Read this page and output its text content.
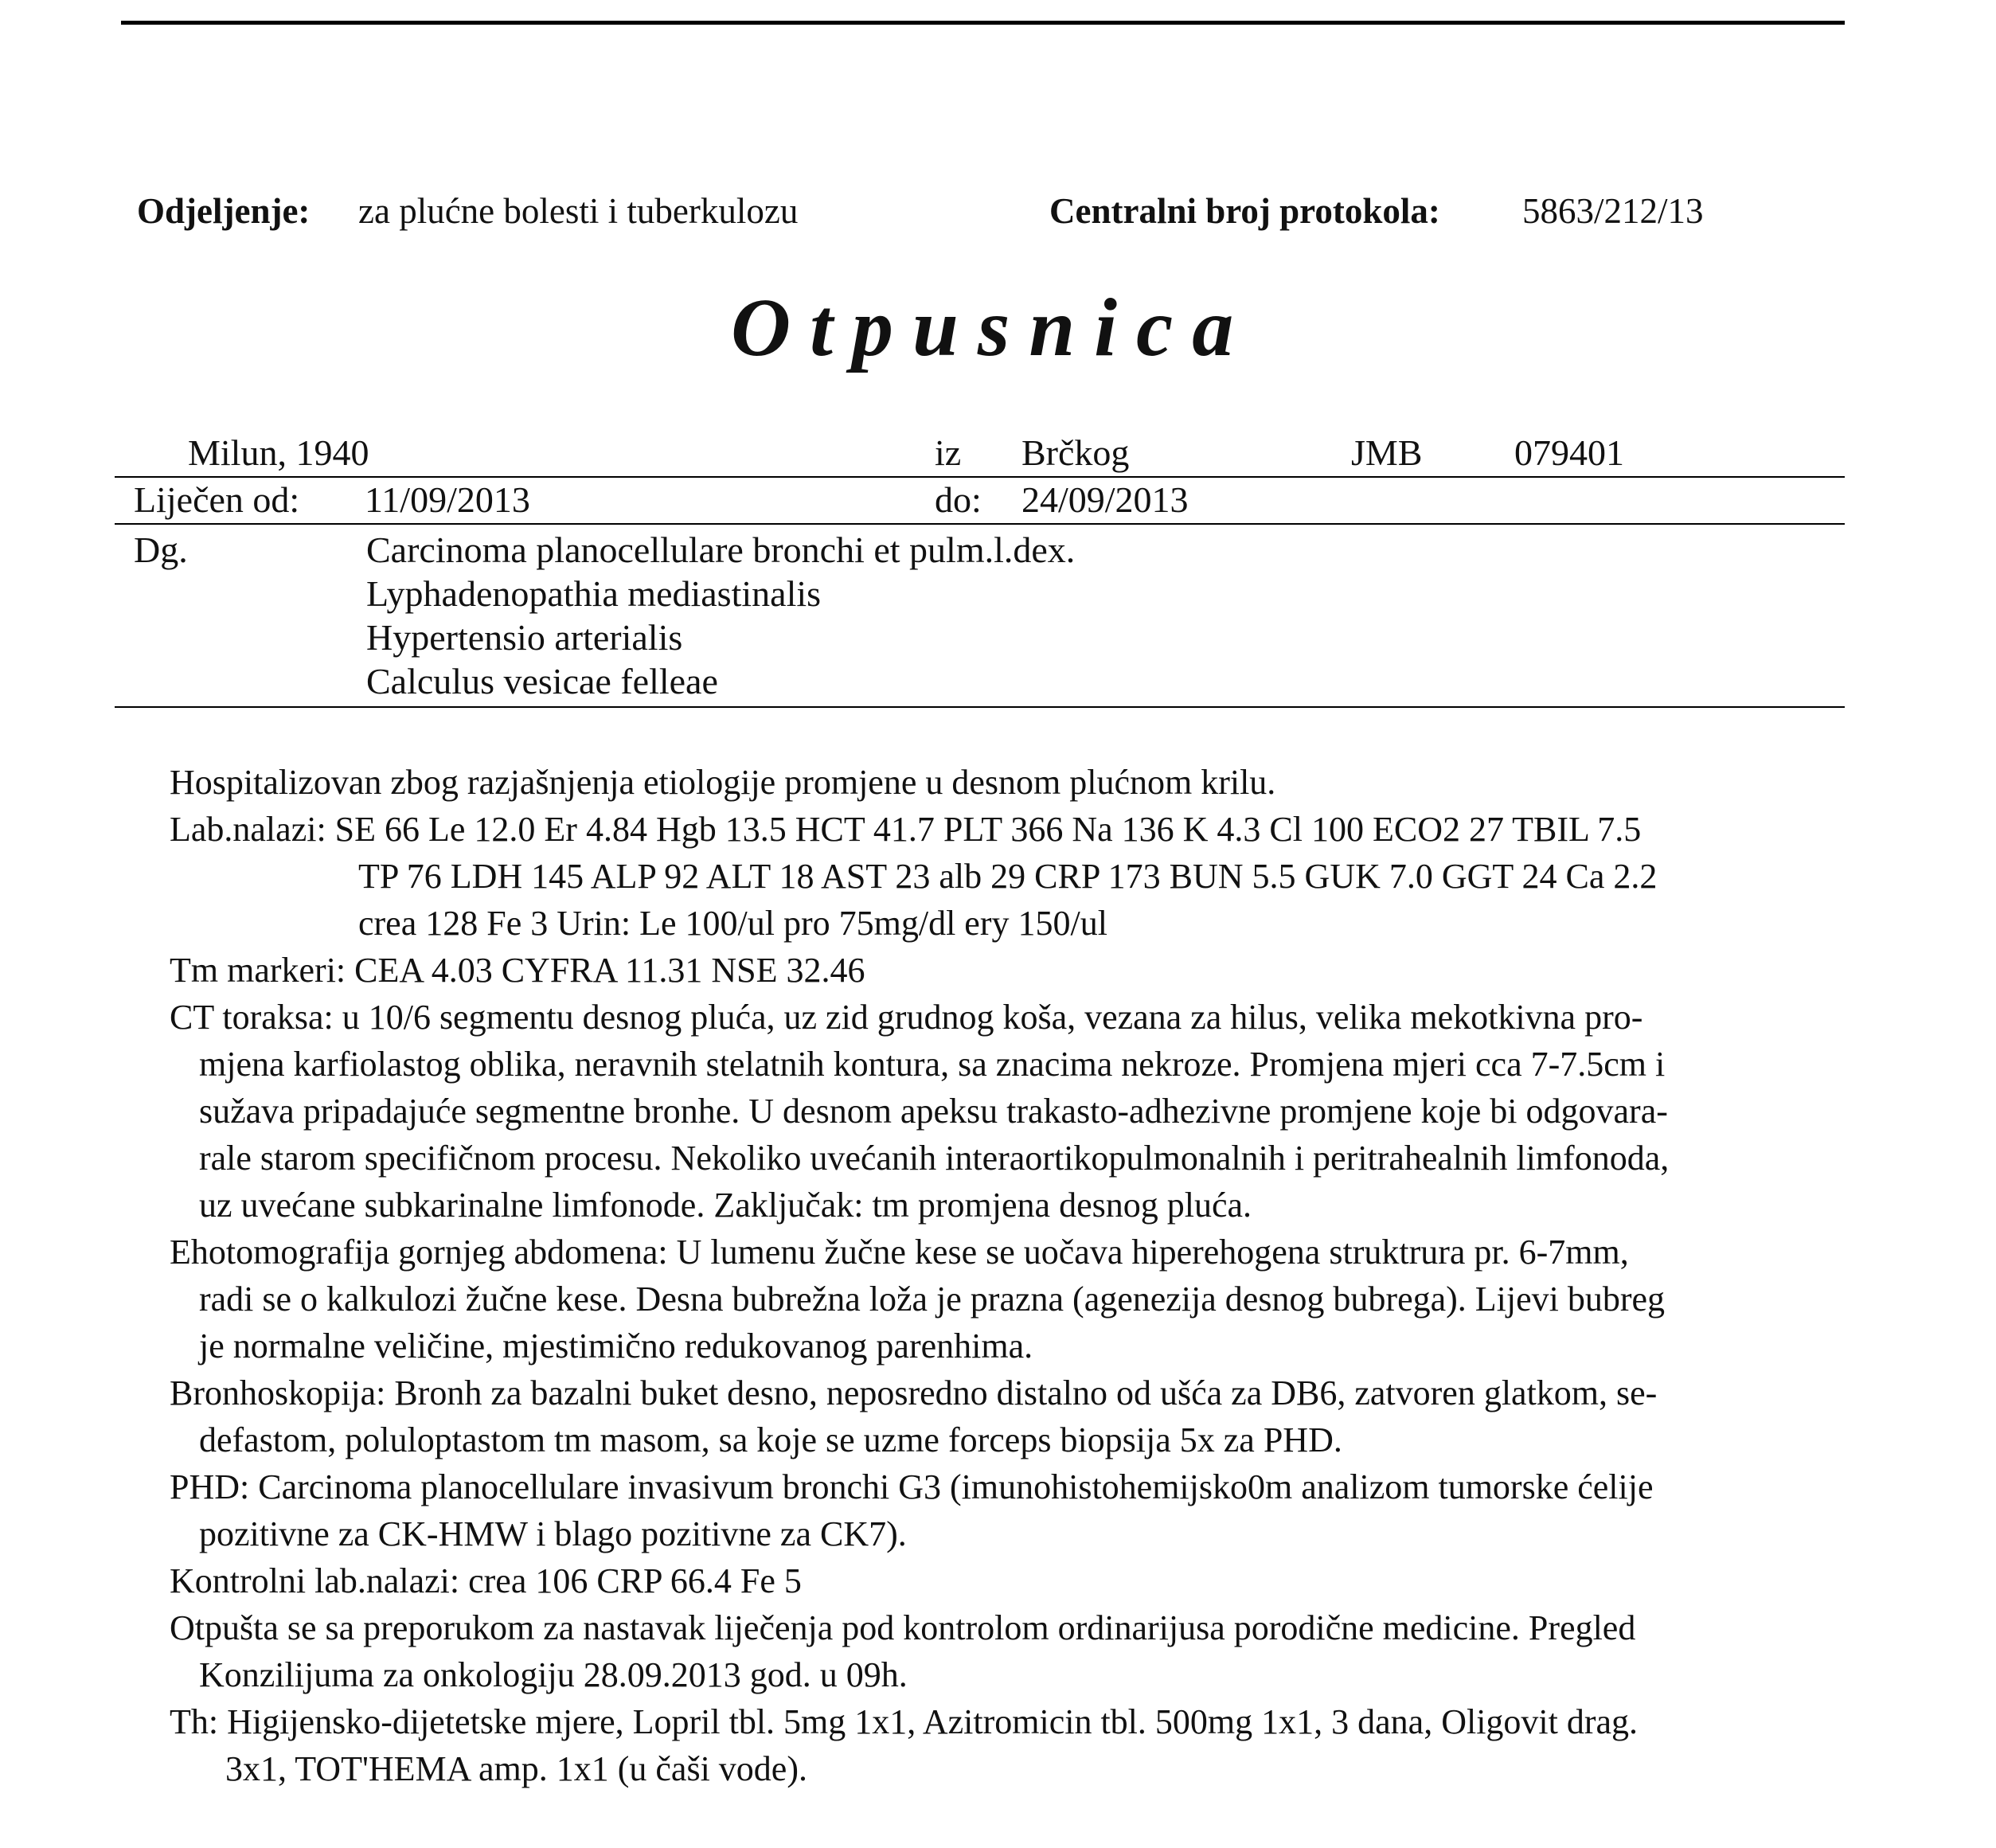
Odjeljenje: za plućne bolesti i tuberkulozu	Centralni broj protokola: 5863/212/13
Otpusnica
Milun, 1940	iz Brčkog	JMB	079401
Liječen od: 11/09/2013	do: 24/09/2013
Dg.	Carcinoma planocellulare bronchi et pulm.l.dex.
Lyphadenopathia mediastinalis
Hypertensio arterialis
Calculus vesicae felleae
Hospitalizovan zbog razjašnjenja etiologije promjene u desnom plućnom krilu.
Lab.nalazi: SE 66 Le 12.0 Er 4.84 Hgb 13.5 HCT 41.7 PLT 366 Na 136 K 4.3 Cl 100 ECO2 27 TBIL 7.5
TP 76 LDH 145 ALP 92 ALT 18 AST 23 alb 29 CRP 173 BUN 5.5 GUK 7.0 GGT 24 Ca 2.2
crea 128 Fe 3 Urin: Le 100/ul pro 75mg/dl ery 150/ul
Tm markeri: CEA 4.03 CYFRA 11.31 NSE 32.46
CT toraksa: u 10/6 segmentu desnog pluća, uz zid grudnog koša, vezana za hilus, velika mekotkivna pro-
mjena karfiolastog oblika, neravnih stelatnih kontura, sa znacima nekroze. Promjena mjeri cca 7-7.5cm i
sužava pripadajuće segmentne bronhe. U desnom apeksu trakasto-adhezivne promjene koje bi odgovara-
rale starom specifičnom procesu. Nekoliko uvećanih interaortikopulmonalnih i peritrahealnih limfonoda,
uz uvećane subkarinalne limfonode. Zaključak: tm promjena desnog pluća.
Ehotomografija gornjeg abdomena: U lumenu žučne kese se uočava hiperehogena struktrura pr. 6-7mm,
radi se o kalkulozi žučne kese. Desna bubrežna loža je prazna (agenezija desnog bubrega). Lijevi bubreg
je normalne veličine, mjestimično redukovanog parenhima.
Bronhoskopija: Bronh za bazalni buket desno, neposredno distalno od ušća za DB6, zatvoren glatkom, se-
defastom, poluloptastom tm masom, sa koje se uzme forceps biopsija 5x za PHD.
PHD: Carcinoma planocellulare invasivum bronchi G3 (imunohistohemijsko0m analizom tumorske ćelije
pozitivne za CK-HMW i blago pozitivne za CK7).
Kontrolni lab.nalazi: crea 106 CRP 66.4 Fe 5
Otpušta se sa preporukom za nastavak liječenja pod kontrolom ordinarijusa porodične medicine. Pregled
Konzilijuma za onkologiju 28.09.2013 god. u 09h.
Th: Higijensko-dijetetske mjere, Lopril tbl. 5mg 1x1, Azitromicin tbl. 500mg 1x1, 3 dana, Oligovit drag.
3x1, TOT'HEMA amp. 1x1 (u čaši vode).
